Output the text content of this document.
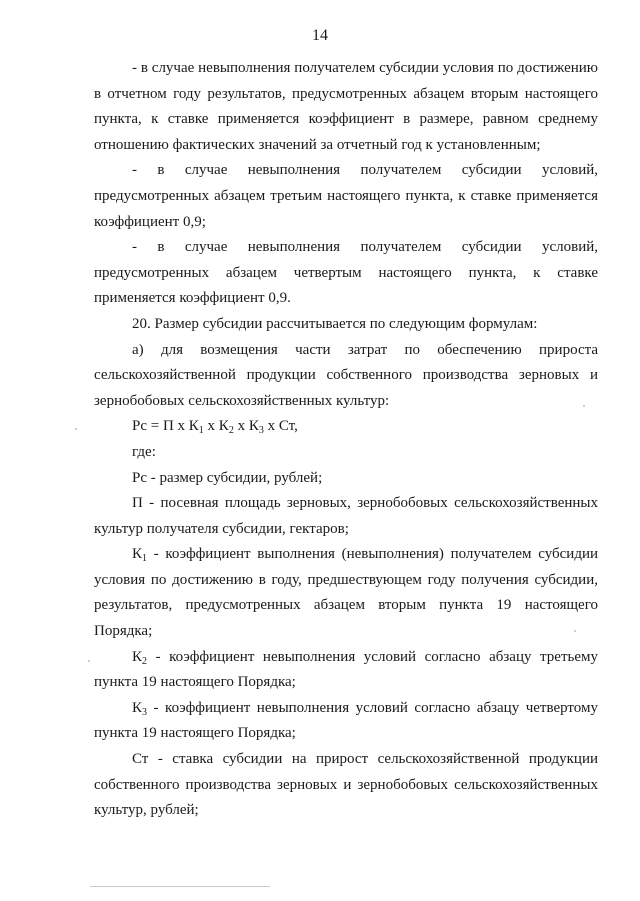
14

- в случае невыполнения получателем субсидии условия по достижению в отчетном году результатов, предусмотренных абзацем вторым настоящего пункта, к ставке применяется коэффициент в размере, равном среднему отношению фактических значений за отчетный год к установленным;

- в случае невыполнения получателем субсидии условий, предусмотренных абзацем третьим настоящего пункта, к ставке применяется коэффициент 0,9;

- в случае невыполнения получателем субсидии условий, предусмотренных абзацем четвертым настоящего пункта, к ставке применяется коэффициент 0,9.

20. Размер субсидии рассчитывается по следующим формулам:

а) для возмещения части затрат по обеспечению прироста сельскохозяйственной продукции собственного производства зерновых и зернобобовых сельскохозяйственных культур:

Рс = П х $К_1$ х $К_2$ х $К_3$ х Ст,

где:

Рс - размер субсидии, рублей;

П - посевная площадь зерновых, зернобобовых сельскохозяйственных культур получателя субсидии, гектаров;

$К_1$ - коэффициент выполнения (невыполнения) получателем субсидии условия по достижению в году, предшествующем году получения субсидии, результатов, предусмотренных абзацем вторым пункта 19 настоящего Порядка;

$К_2$ - коэффициент невыполнения условий согласно абзацу третьему пункта 19 настоящего Порядка;

$К_3$ - коэффициент невыполнения условий согласно абзацу четвертому пункта 19 настоящего Порядка;

Ст - ставка субсидии на прирост сельскохозяйственной продукции собственного производства зерновых и зернобобовых сельскохозяйственных культур, рублей;
